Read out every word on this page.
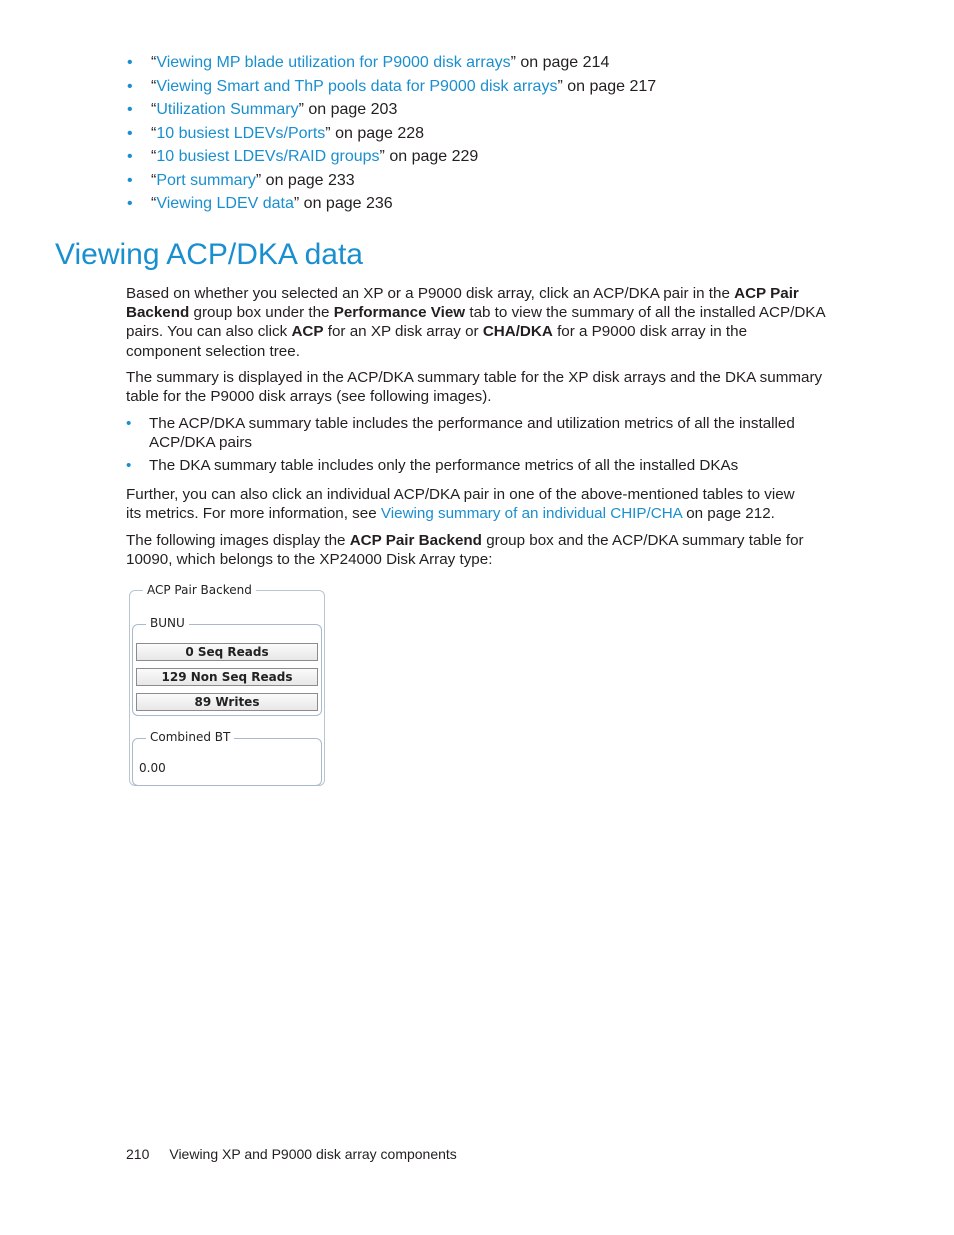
• “Viewing MP blade utilization for P9000 disk arrays” on page 214
• “Viewing Smart and ThP pools data for P9000 disk arrays” on page 217
• “Utilization Summary” on page 203
• “10 busiest LDEVs/Ports” on page 228
• “10 busiest LDEVs/RAID groups” on page 229
• “Port summary” on page 233
• “Viewing LDEV data” on page 236
Viewing ACP/DKA data

Based on whether you selected an XP or a P9000 disk array, click an ACP/DKA pair in the ACP Pair
Backend group box under the Performance View tab to view the summary of all the installed ACP/DKA
pairs. You can also click ACP for an XP disk array or CHA/DKA for a P9000 disk array in the
component selection tree.

The summary is displayed in the ACP/DKA summary table for the XP disk arrays and the DKA summary
table for the P9000 disk arrays (see following images).

• The ACP/DKA summary table includes the performance and utilization metrics of all the installed
ACP/DKA pairs
• The DKA summary table includes only the performance metrics of all the installed DKAs

Further, you can also click an individual ACP/DKA pair in one of the above-mentioned tables to view
its metrics. For more information, see Viewing summary of an individual CHIP/CHA on page 212.

The following images display the ACP Pair Backend group box and the ACP/DKA summary table for
10090, which belongs to the XP24000 Disk Array type:

ACP Pair Backend
BUNU
0 Seq Reads
129 Non Seq Reads
89 Writes
Combined BT
0.00
210 Viewing XP and P9000 disk array components
